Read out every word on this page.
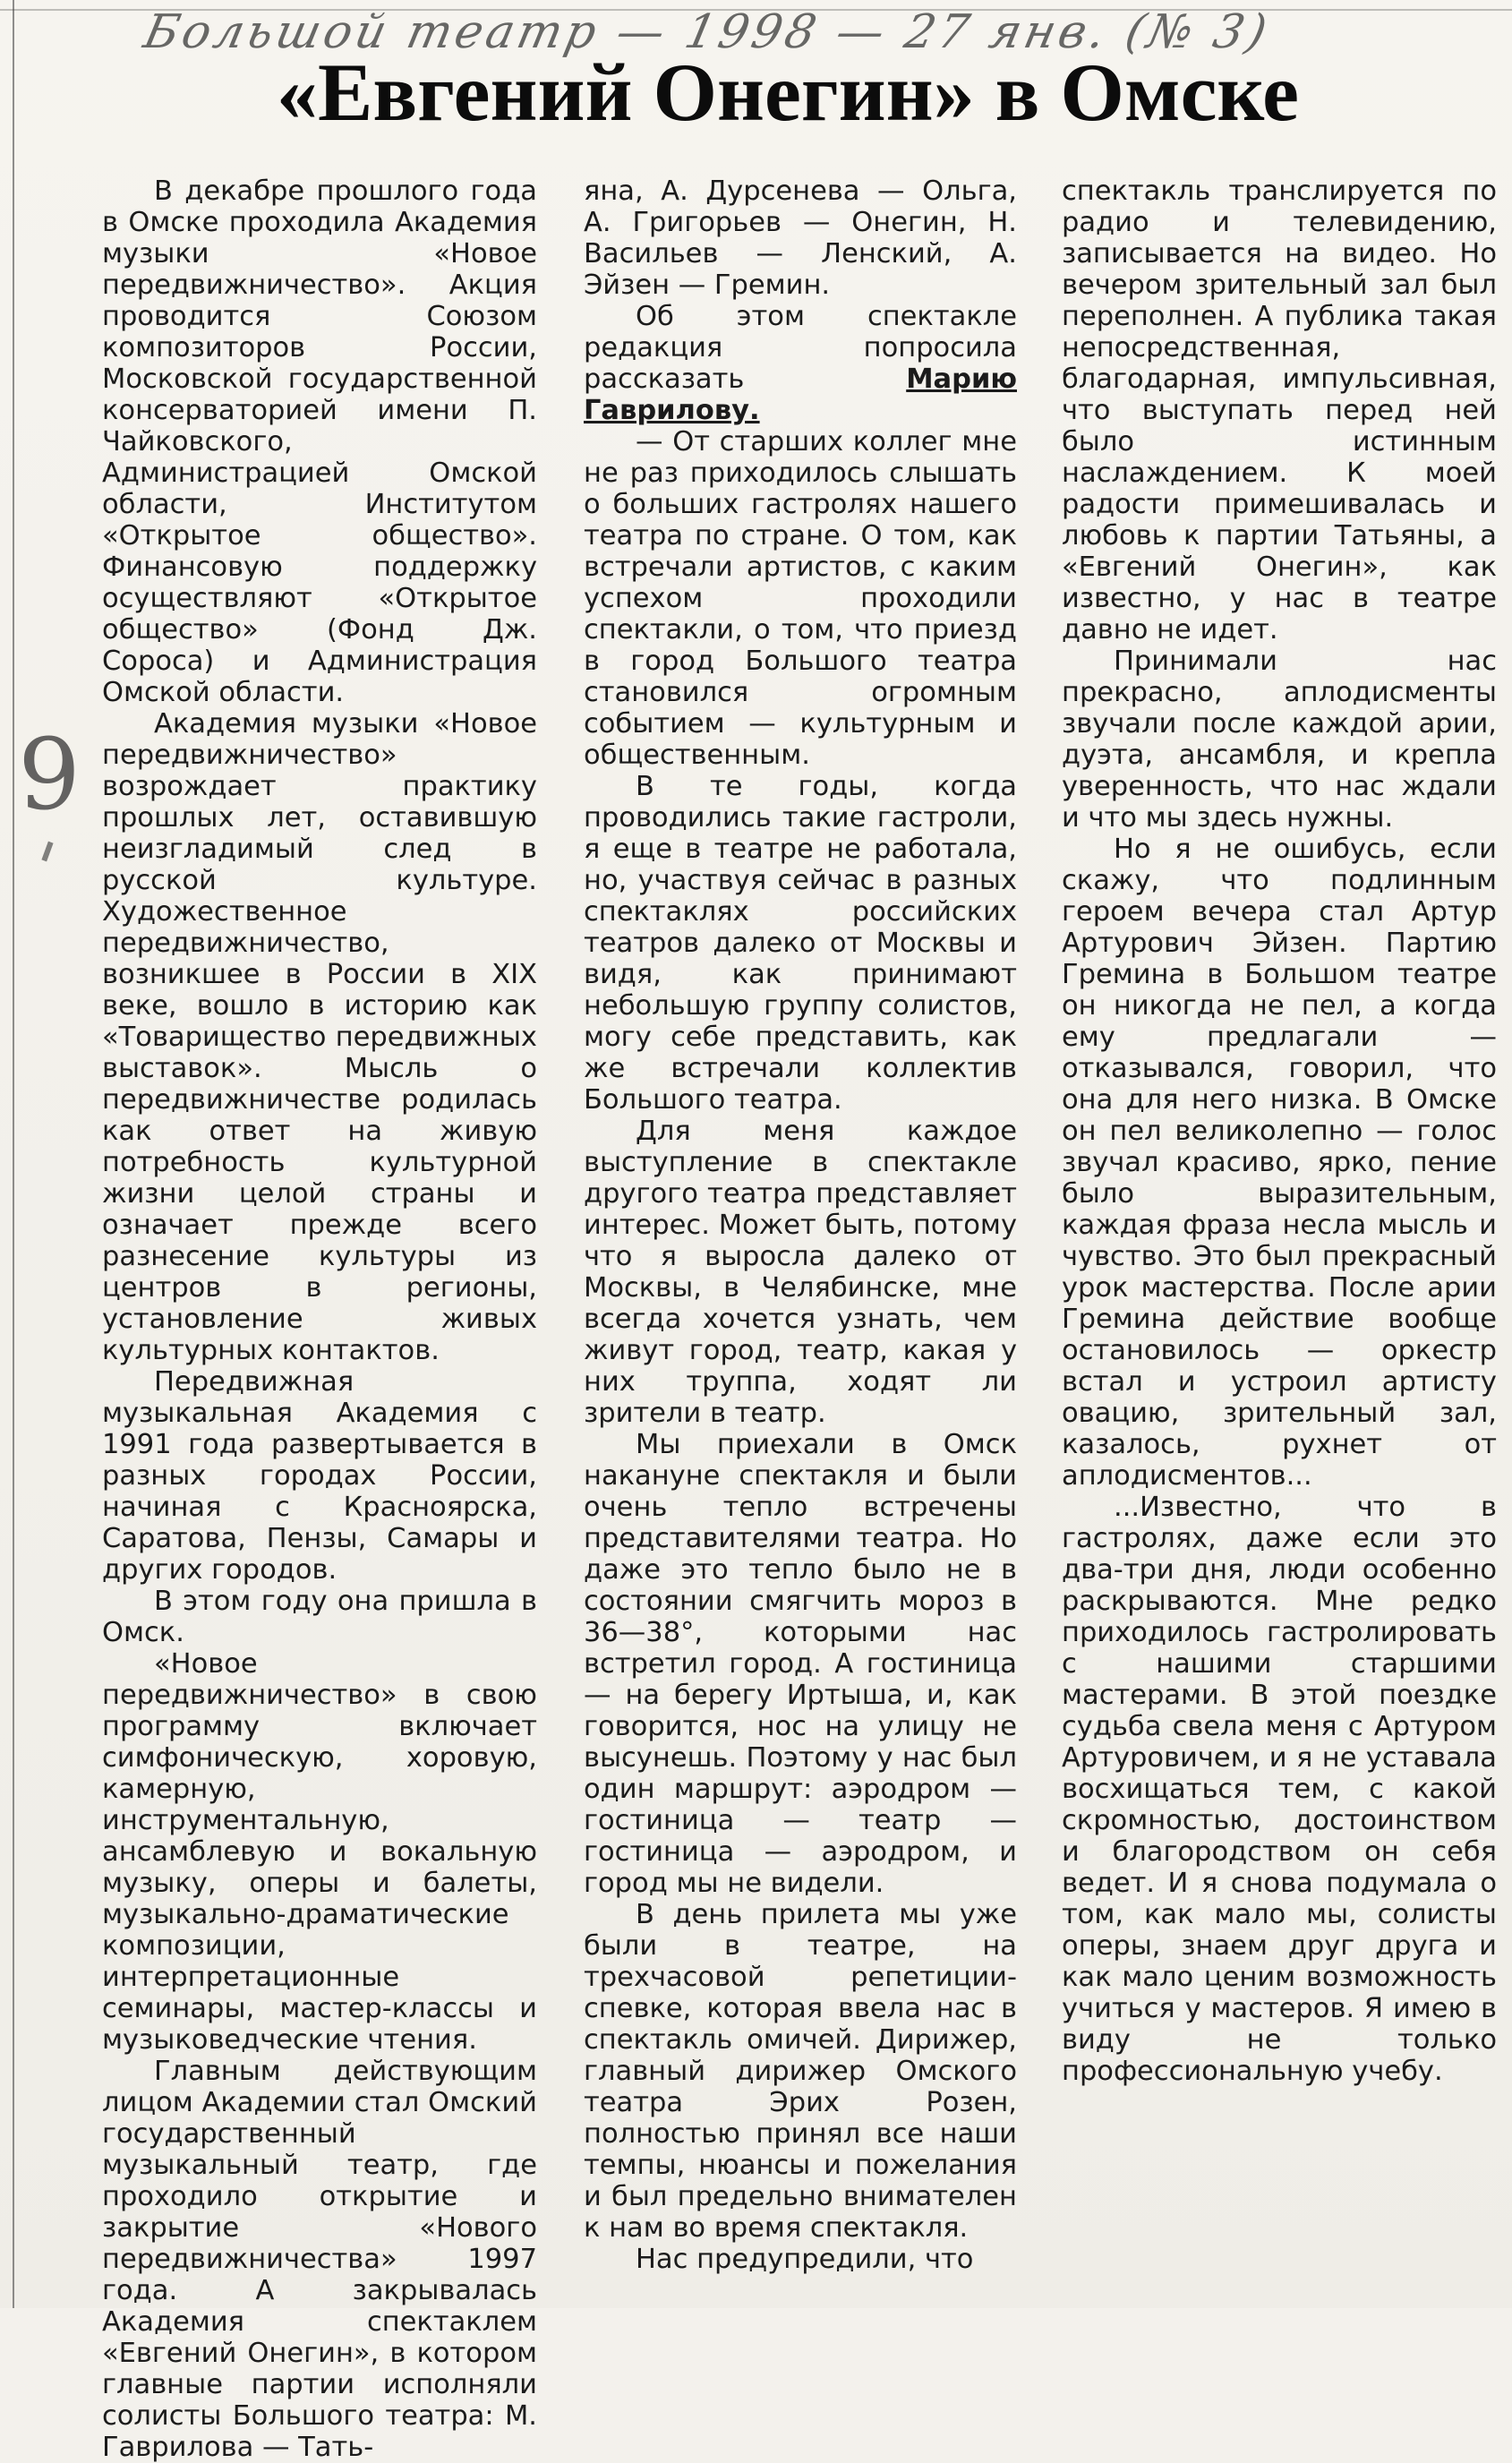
Большой театр — 1998 — 27 янв. (№ 3)
«Евгений Онегин» в Омске
9

В декабре прошлого года в Омске проходила Академия музыки «Новое передвижничество». Акция проводится Союзом композиторов России, Московской государственной консерваторией имени П. Чайковского, Администрацией Омской области, Институтом «Открытое общество». Финансовую поддержку осуществляют «Открытое общество» (Фонд Дж. Сороса) и Администрация Омской области.

Академия музыки «Новое передвижничество» возрождает практику прошлых лет, оставившую неизгладимый след в русской культуре. Художественное передвижничество, возникшее в России в XIX веке, вошло в историю как «Товарищество передвижных выставок». Мысль о передвижничестве родилась как ответ на живую потребность культурной жизни целой страны и означает прежде всего разнесение культуры из центров в регионы, установление живых культурных контактов.

Передвижная музыкальная Академия с 1991 года развертывается в разных городах России, начиная с Красноярска, Саратова, Пензы, Самары и других городов.

В этом году она пришла в Омск.

«Новое передвижничество» в свою программу включает симфоническую, хоровую, камерную, инструментальную, ансамблевую и вокальную музыку, оперы и балеты, музыкально-драматические композиции, интерпретационные семинары, мастер-классы и музыковедческие чтения.

Главным действующим лицом Академии стал Омский государственный музыкальный театр, где проходило открытие и закрытие «Нового передвижничества» 1997 года. А закрывалась Академия спектаклем «Евгений Онегин», в котором главные партии исполняли солисты Большого театра: М. Гаврилова — Тать-

яна, А. Дурсенева — Ольга, А. Григорьев — Онегин, Н. Васильев — Ленский, А. Эйзен — Гремин.

Об этом спектакле редакция попросила рассказать	Марию Гаврилову.

— От старших коллег мне не раз приходилось слышать о больших гастролях нашего театра по стране. О том, как встречали артистов, с каким успехом проходили спектакли, о том, что приезд в город Большого театра становился огромным событием — культурным и общественным.

В те годы, когда проводились такие гастроли, я еще в театре не работала, но, участвуя сейчас в разных спектаклях российских театров далеко от Москвы и видя, как принимают небольшую группу солистов, могу себе представить, как же встречали коллектив Большого театра.

Для меня каждое выступление в спектакле другого театра представляет интерес. Может быть, потому что я выросла далеко от Москвы, в Челябинске, мне всегда хочется узнать, чем живут город, театр, какая у них труппа, ходят ли зрители в театр.

Мы приехали в Омск накануне спектакля и были очень тепло встречены представителями театра. Но даже это тепло было не в состоянии смягчить мороз в 36—38°, которыми нас встретил город. А гостиница — на берегу Иртыша, и, как говорится, нос на улицу не высунешь. Поэтому у нас был один маршрут: аэродром — гостиница — театр — гостиница — аэродром, и город мы не видели.

В день прилета мы уже были в театре, на трехчасовой репетиции-спевке, которая ввела нас в спектакль омичей. Дирижер, главный дирижер Омского театра Эрих Розен, полностью принял все наши темпы, нюансы и пожелания и был предельно внимателен к нам во время спектакля.

Нас предупредили, что

спектакль транслируется по радио и телевидению, записывается на видео. Но вечером зрительный зал был переполнен. А публика такая непосредственная, благодарная, импульсивная, что выступать перед ней было истинным наслаждением. К моей радости примешивалась и любовь к партии Татьяны, а «Евгений Онегин», как известно, у нас в театре давно не идет.

Принимали нас прекрасно, аплодисменты звучали после каждой арии, дуэта, ансамбля, и крепла уверенность, что нас ждали и что мы здесь нужны.

Но я не ошибусь, если скажу, что подлинным героем вечера стал Артур Артурович Эйзен. Партию Гремина в Большом театре он никогда не пел, а когда ему предлагали — отказывался, говорил, что она для него низка. В Омске он пел великолепно — голос звучал красиво, ярко, пение было выразительным, каждая фраза несла мысль и чувство. Это был прекрасный урок мастерства. После арии Гремина действие вообще остановилось — оркестр встал и устроил артисту овацию, зрительный зал, казалось, рухнет от аплодисментов...

...Известно, что в гастролях, даже если это два-три дня, люди особенно раскрываются. Мне редко приходилось гастролировать с нашими старшими мастерами. В этой поездке судьба свела меня с Артуром Артуровичем, и я не уставала восхищаться тем, с какой скромностью, достоинством и благородством он себя ведет. И я снова подумала о том, как мало мы, солисты оперы, знаем друг друга и как мало ценим возможность учиться у мастеров. Я имею в виду не только профессиональную учебу.
